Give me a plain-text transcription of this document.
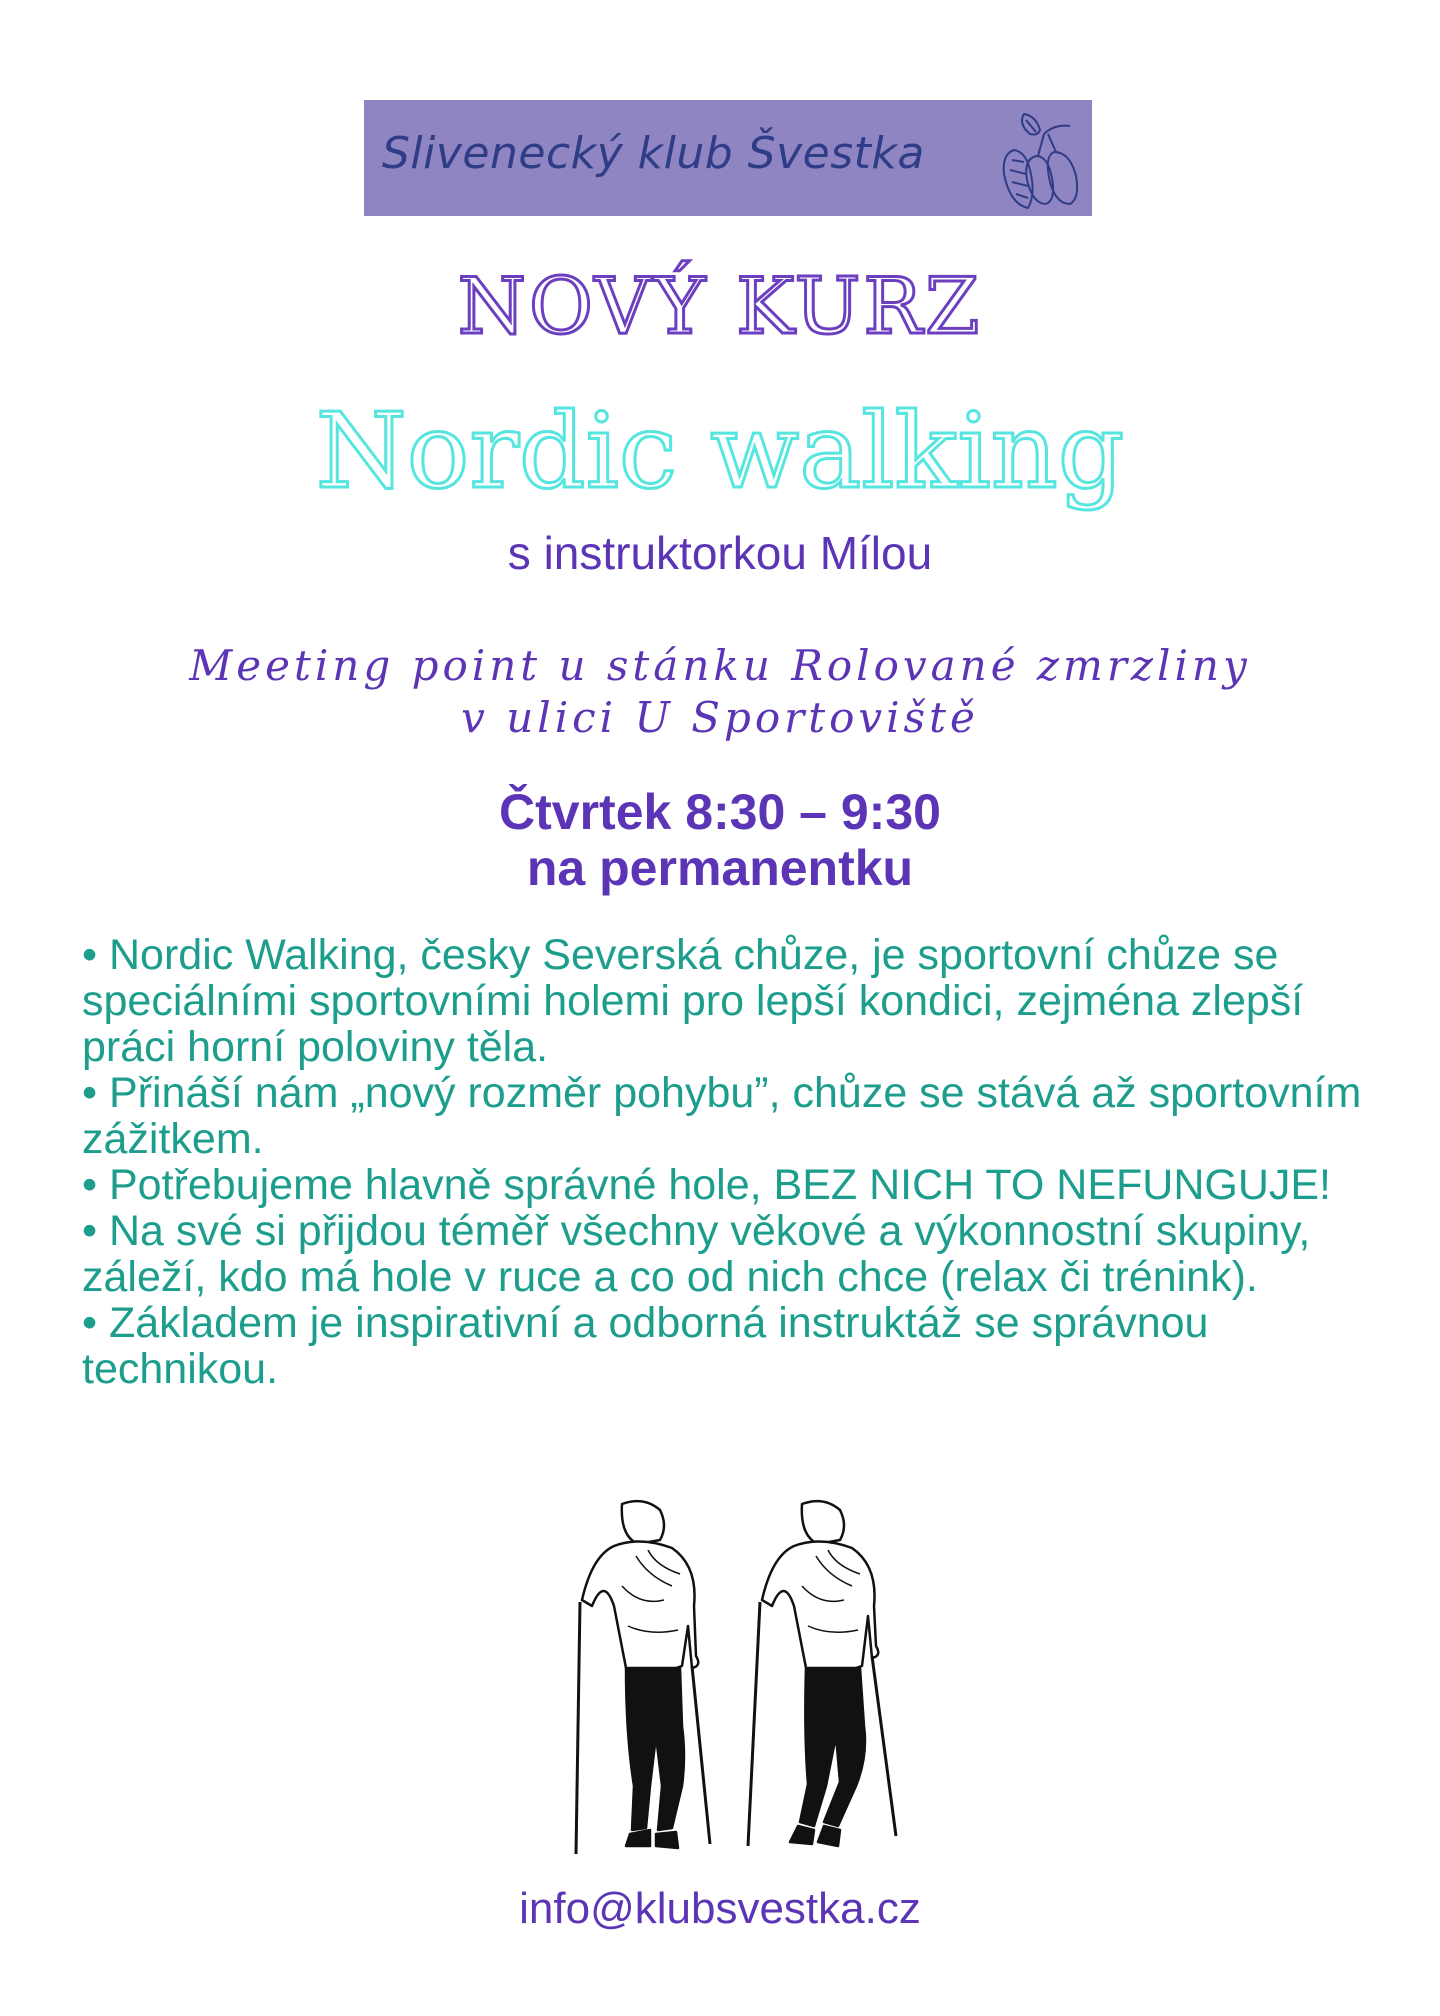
Slivenecký klub Švestka
NOVÝ KURZ
Nordic walking
s instruktorkou Mílou
Meeting point u stánku Rolované zmrzliny
v ulici U Sportoviště
Čtvrtek 8:30 – 9:30
na permanentku

• Nordic Walking, česky Severská chůze, je sportovní chůze se speciálními sportovními holemi pro lepší kondici, zejména zlepší práci horní poloviny těla.

• Přináší nám „nový rozměr pohybu”, chůze se stává až sportovním zážitkem.

• Potřebujeme hlavně správné hole, BEZ NICH TO NEFUNGUJE!

• Na své si přijdou téměř všechny věkové a výkonnostní skupiny, záleží, kdo má hole v ruce a co od nich chce (relax či trénink).

• Základem je inspirativní a odborná instruktáž se správnou technikou.

info@klubsvestka.cz
